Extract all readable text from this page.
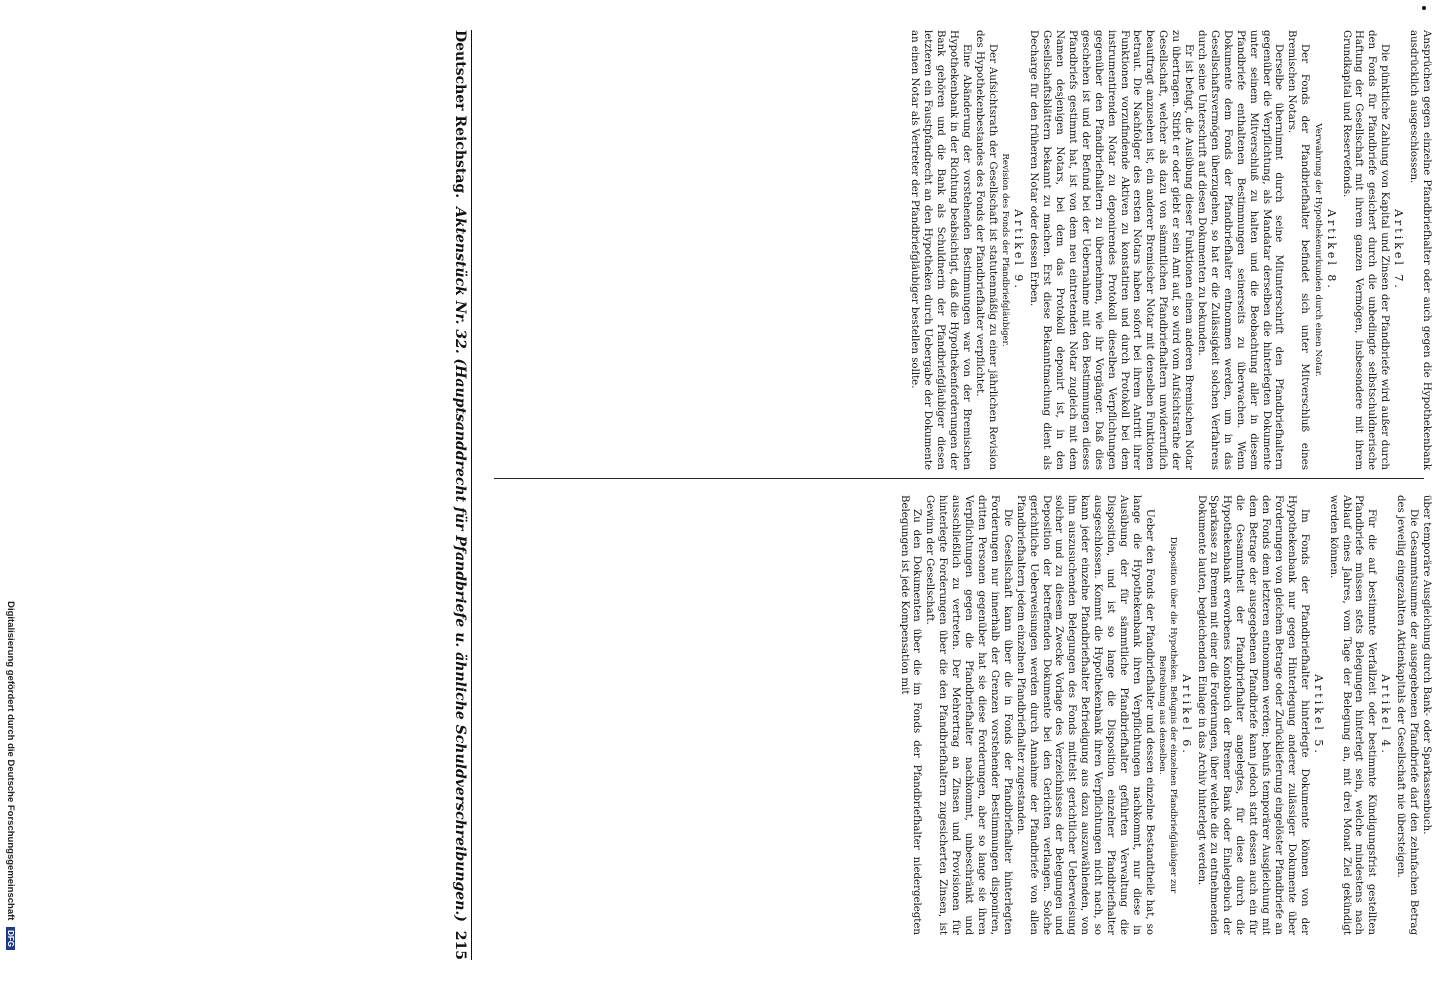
über temporäre Ausgleichung durch Bank- oder Sparkassenbuch.
Die Gesammtsumme der ausgegebenen Pfandbriefe darf den zehnfachen Betrag des jeweilig eingezahlten Aktienkapitals der Gesellschaft nie übersteigen.
Artikel 4.
Für die auf bestimmte Verfallzeit oder bestimmte Kündigungsfrist gestellten Pfandbriefe müssen stets Belegungen hinterlegt sein, welche mindestens nach Ablauf eines Jahres, vom Tage der Belegung an, mit drei Monat Ziel gekündigt werden können.
Artikel 5.
Im Fonds der Pfandbriefhalter hinterlegte Dokumente können von der Hypothekenbank nur gegen Hinterlegung anderer zulässiger Dokumente über Forderungen von gleichem Betrage oder Zurücklieferung eingelöster Pfandbriefe an den Fonds dem letzteren entnommen werden; behufs temporärer Ausgleichung mit dem Betrage der ausgegebenen Pfandbriefe kann jedoch statt dessen auch ein für die Gesammtheit der Pfandbriefhalter angelegtes, für diese durch die Hypothekenbank erworbenes Kontobuch der Bremer Bank oder Einlegebuch der Sparkasse zu Bremen mit einer die Forderungen, über welche die zu entnehmenden Dokumente lauten, begleichenden Einlage in das Archiv hinterlegt werden.
Artikel 6.
Disposition über die Hypotheken. Befugnis der einzelnen Pfandbriefgläubiger zur Beitreibung aus denselben.
Ueber den Fonds der Pfandbriefhalter und dessen einzelne Bestandtheile hat, so lange die Hypothekenbank ihren Verpflichtungen nachkommt, nur diese in Ausübung der für sämmtliche Pfandbriefhalter geführten Verwaltung die Disposition, und ist so lange die Disposition einzelner Pfandbriefhalter ausgeschlossen. Kommt die Hypothekenbank ihren Verpflichtungen nicht nach, so kann jeder einzelne Pfandbriefhalter Befriedigung aus dazu auszuwählenden, von ihm auszusuchenden Belegungen des Fonds mittelst gerichtlicher Ueberweisung solcher und zu diesem Zwecke Vorlage des Verzeichnisses der Belegungen und Deposition der betreffenden Dokumente bei den Gerichten verlangen. Solche gerichtliche Ueberweisungen werden durch Annahme der Pfandbriefe von allen Pfandbriefhaltern jedem einzelnen Pfandbriefhalter zugestanden.
Die Gesellschaft kann über die in Fonds der Pfandbriefhalter hinterlegten Forderungen nur innerhalb der Grenzen vorstehender Bestimmungen disponiren, dritten Personen gegenüber hat sie diese Forderungen, aber so lange sie ihren Verpflichtungen gegen die Pfandbriefhalter nachkommt, unbeschränkt und ausschließlich zu vertreten. Der Mehrertrag an Zinsen und Provisionen für hinterlegte Forderungen über die den Pfandbriefhaltern zugesicherten Zinsen, ist Gewinn der Gesellschaft.
Zu den Dokumenten über die im Fonds der Pfandbriefhalter niedergelegten Belegungen ist jede Kompensation mit
Ansprüchen gegen einzelne Pfandbriefhalter oder auch gegen die Hypothekenbank ausdrücklich ausgeschlossen.
Artikel 7.
Die pünktliche Zahlung von Kapital und Zinsen der Pfandbriefe wird außer durch den Fonds für Pfandbriefe gesichert durch die unbedingte selbstschuldnerische Haftung der Gesellschaft mit ihrem ganzen Vermögen, insbesondere mit ihrem Grundkapital und Reservefonds.
Artikel 8.
Verwahrung der Hypothekenurkunden durch einen Notar.
Der Fonds der Pfandbriefhalter befindet sich unter Mitverschluß eines Bremischen Notars.
Derselbe übernimmt durch seine Mitunterschrift den Pfandbriefhaltern gegenüber die Verpflichtung, als Mandatar derselben die hinterlegten Dokumente unter seinem Mitverschluß zu halten und die Beobachtung aller in diesem Pfandbriefe enthaltenen Bestimmungen seinerseits zu überwachen. Wenn Dokumente dem Fonds der Pfandbriefhalter entnommen werden, um in das Gesellschaftsvermögen überzugehen, so hat er die Zulässigkeit solchen Verfahrens durch seine Unterschrift auf diesen Dokumenten zu bekunden.
Er ist befugt, die Ausübung dieser Funktionen einem anderen Bremischen Notar zu übertragen. Stirbt er oder giebt er sein Amt auf, so wird vom Aufsichtsrathe der Gesellschaft, welcher als dazu von sämmtlichen Pfandbriefhaltern unwiderruflich beauftragt anzusehen ist, ein anderer Bremischer Notar mit denselben Funktionen betraut. Die Nachfolger des ersten Notars haben sofort bei ihrem Antritt ihrer Funktionen vorzufindende Aktiven zu konstatiren und durch Protokoll bei dem instrumentirenden Notar zu deponirendes Protokoll dieselben Verpflichtungen gegenüber den Pfandbriefhaltern zu übernehmen, wie ihr Vorgänger. Daß dies geschehen ist und der Befund bei der Uebernahme mit den Bestimmungen dieses Pfandbriefs gestimmt hat, ist von dem neu eintretenden Notar zugleich mit dem Namen desjenigen Notars, bei dem das Protokoll deponirt ist, in den Gesellschaftsblättern bekannt zu machen. Erst diese Bekanntmachung dient als Decharge für den früheren Notar oder dessen Erben.
Artikel 9.
Revision des Fonds der Pfandbriefgläubiger.
Der Aufsichtsrath der Gesellschaft ist statutenmäßig zu einer jährlichen Revision des Hypothekenbestandes des Fonds der Pfandbriefhalter verpflichtet.
Eine Abänderung der vorstehenden Bestimmungen war von der Bremischen Hypothekenbank in der Richtung beabsichtigt, daß die Hypothekenforderungen der Bank gehören und die Bank als Schuldnerin der Pfandbriefgläubiger diesen letzteren ein Faustpfandrecht an den Hypotheken durch Uebergabe der Dokumente an einen Notar als Vertreter der Pfandbriefgläubiger bestellen sollte.
Deutscher Reichstag.
Aktenstück Nr. 32. (Hauptsanddrecht für Pfandbriefe u. ähnliche Schuldverschreibungen.)
215
Digitalisierung gefördert durch die Deutsche Forschungsgemeinschaft DFG
